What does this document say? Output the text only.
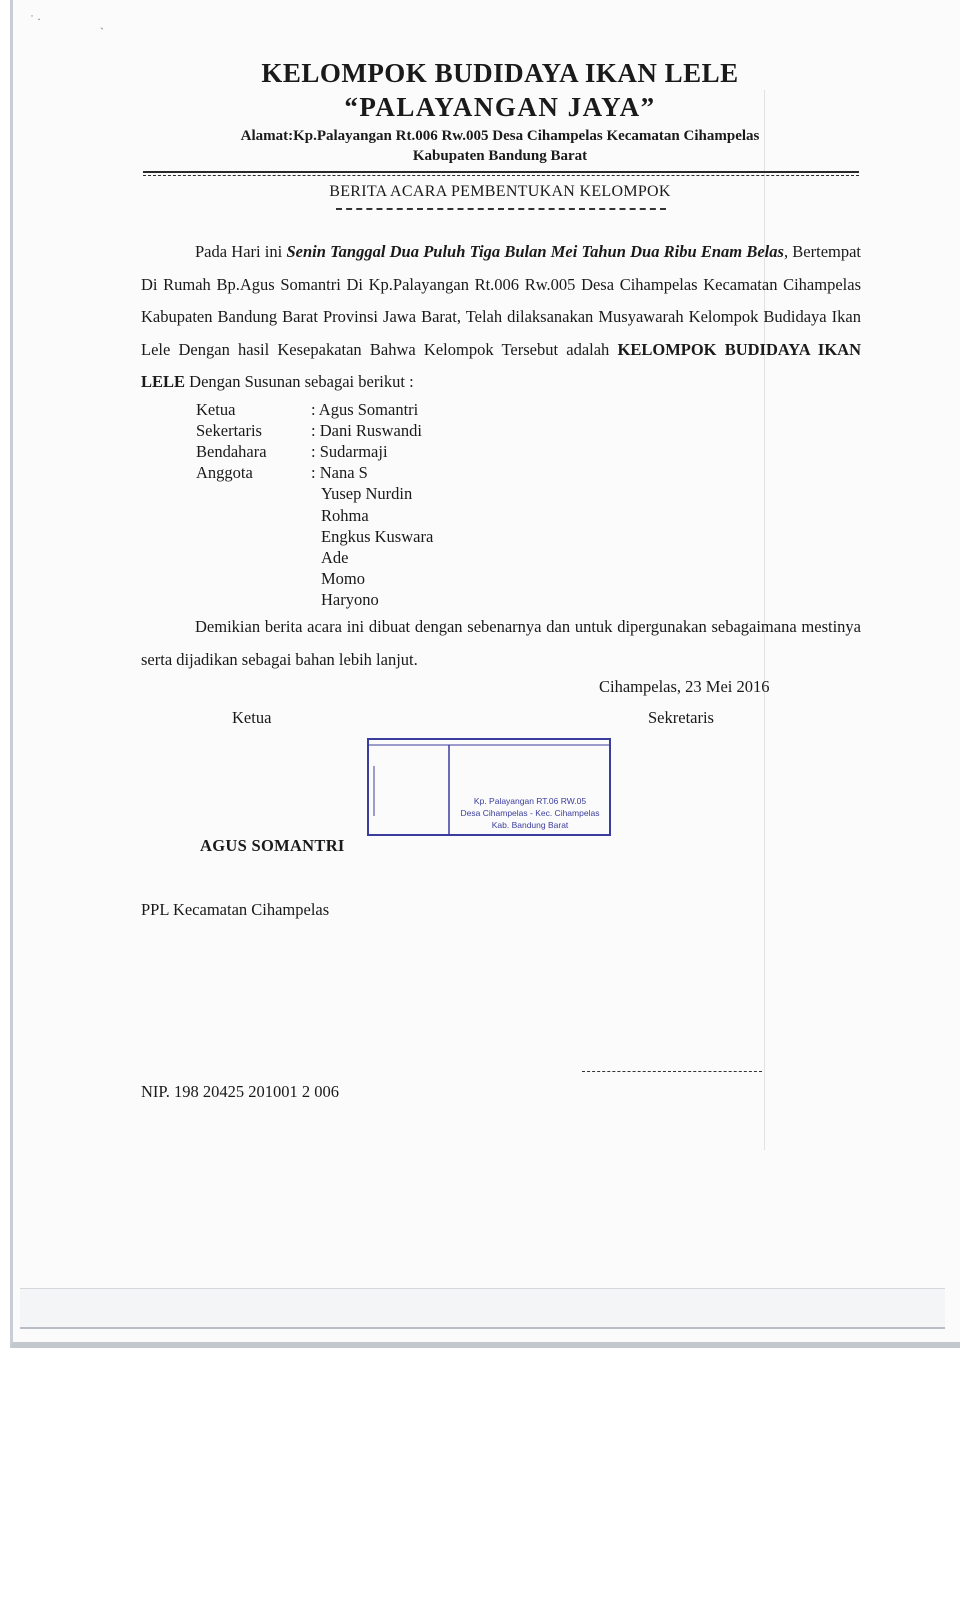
˙ ·	ˎ
KELOMPOK BUDIDAYA IKAN LELE
“PALAYANGAN JAYA”
Alamat:Kp.Palayangan Rt.006 Rw.005 Desa Cihampelas Kecamatan Cihampelas
Kabupaten Bandung Barat
BERITA ACARA PEMBENTUKAN KELOMPOK
Pada Hari ini Senin Tanggal Dua Puluh Tiga Bulan Mei Tahun Dua Ribu Enam Belas, Bertempat Di Rumah Bp.Agus Somantri Di Kp.Palayangan Rt.006 Rw.005 Desa Cihampelas Kecamatan Cihampelas Kabupaten Bandung Barat Provinsi Jawa Barat, Telah dilaksanakan Musyawarah Kelompok Budidaya Ikan Lele Dengan hasil Kesepakatan Bahwa Kelompok Tersebut adalah KELOMPOK BUDIDAYA IKAN LELE Dengan Susunan sebagai berikut :
Ketua	: Agus Somantri
Sekertaris	: Dani Ruswandi
Bendahara	: Sudarmaji
Anggota	: Nana S
Yusep Nurdin
Rohma
Engkus Kuswara
Ade
Momo
Haryono
Demikian berita acara ini dibuat dengan sebenarnya dan untuk dipergunakan sebagaimana mestinya serta dijadikan sebagai bahan lebih lanjut.
Cihampelas, 23 Mei 2016
Ketua	Sekretaris
Kp. Palayangan RT.06 RW.05
Desa Cihampelas - Kec. Cihampelas
Kab. Bandung Barat
AGUS SOMANTRI
PPL Kecamatan Cihampelas
NIP. 198 20425 201001 2 006
